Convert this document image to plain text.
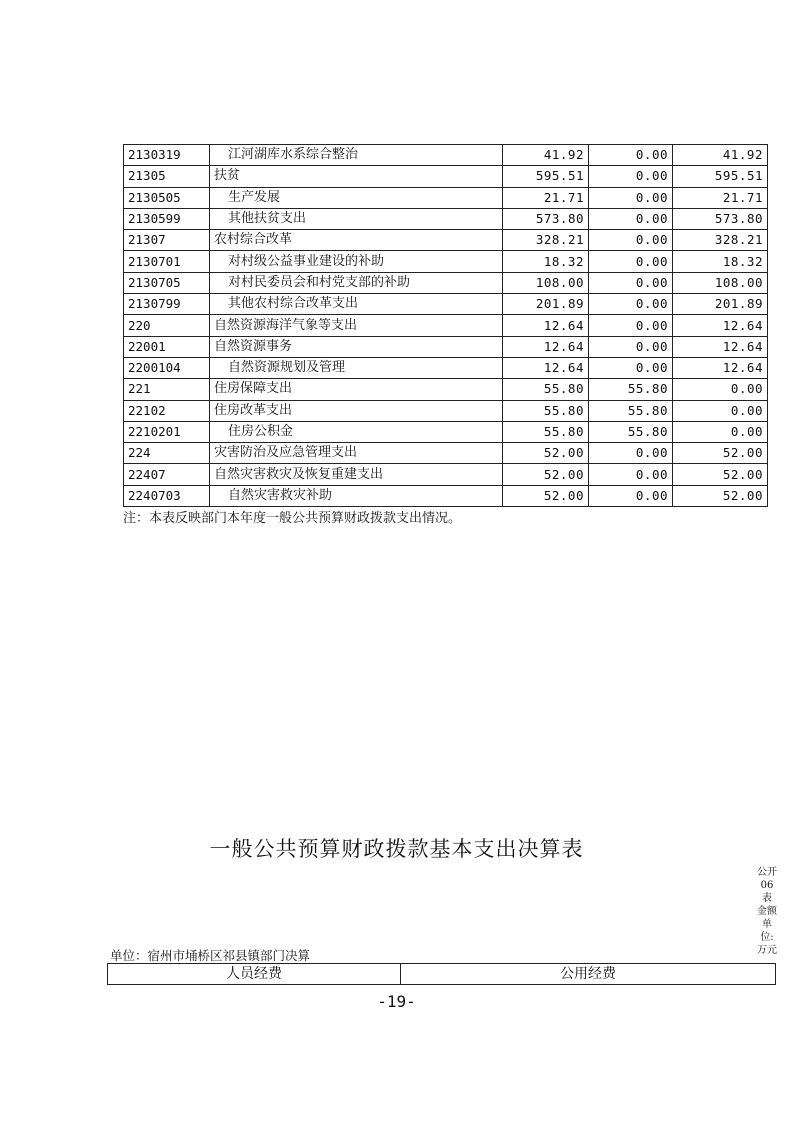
2130319	江河湖库水系综合整治	41.92	0.00	41.92
21305	扶贫	595.51	0.00	595.51
2130505	生产发展	21.71	0.00	21.71
2130599	其他扶贫支出	573.80	0.00	573.80
21307	农村综合改革	328.21	0.00	328.21
2130701	对村级公益事业建设的补助	18.32	0.00	18.32
2130705	对村民委员会和村党支部的补助	108.00	0.00	108.00
2130799	其他农村综合改革支出	201.89	0.00	201.89
220	自然资源海洋气象等支出	12.64	0.00	12.64
22001	自然资源事务	12.64	0.00	12.64
2200104	自然资源规划及管理	12.64	0.00	12.64
221	住房保障支出	55.80	55.80	0.00
22102	住房改革支出	55.80	55.80	0.00
2210201	住房公积金	55.80	55.80	0.00
224	灾害防治及应急管理支出	52.00	0.00	52.00
22407	自然灾害救灾及恢复重建支出	52.00	0.00	52.00
2240703	自然灾害救灾补助	52.00	0.00	52.00
注：本表反映部门本年度一般公共预算财政拨款支出情况。
一般公共预算财政拨款基本支出决算表
公开
06
表
金额
单
位:
万元
单位：宿州市埇桥区祁县镇部门决算
人员经费	公用经费
-19-
